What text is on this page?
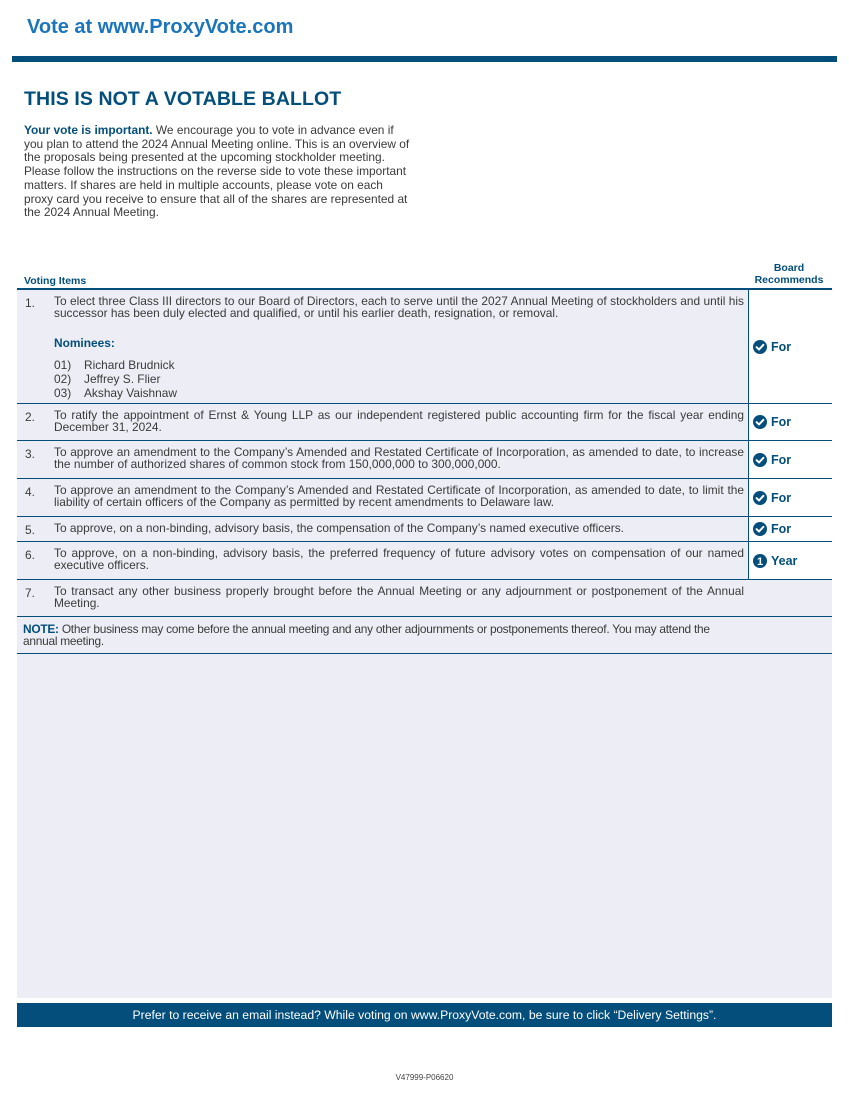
Vote at www.ProxyVote.com
THIS IS NOT A VOTABLE BALLOT

Your vote is important. We encourage you to vote in advance even if you plan to attend the 2024 Annual Meeting online. This is an overview of the proposals being presented at the upcoming stockholder meeting. Please follow the instructions on the reverse side to vote these important matters. If shares are held in multiple accounts, please vote on each proxy card you receive to ensure that all of the shares are represented at the 2024 Annual Meeting.

Voting Items
Board
Recommends
1. To elect three Class III directors to our Board of Directors, each to serve until the 2027 Annual Meeting of stockholders and until his successor has been duly elected and qualified, or until his earlier death, resignation, or removal.
Nominees:
01) Richard Brudnick
02) Jeffrey S. Flier
03) Akshay Vaishnaw
For
2. To ratify the appointment of Ernst & Young LLP as our independent registered public accounting firm for the fiscal year ending December 31, 2024.	For
3. To approve an amendment to the Company’s Amended and Restated Certificate of Incorporation, as amended to date, to increase the number of authorized shares of common stock from 150,000,000 to 300,000,000.	For
4. To approve an amendment to the Company’s Amended and Restated Certificate of Incorporation, as amended to date, to limit the liability of certain officers of the Company as permitted by recent amendments to Delaware law.	For
5. To approve, on a non-binding, advisory basis, the compensation of the Company’s named executive officers.	For
6. To approve, on a non-binding, advisory basis, the preferred frequency of future advisory votes on compensation of our named executive officers.	1 Year
7. To transact any other business properly brought before the Annual Meeting or any adjournment or postponement of the Annual Meeting.
NOTE: Other business may come before the annual meeting and any other adjournments or postponements thereof. You may attend the annual meeting.
Prefer to receive an email instead? While voting on www.ProxyVote.com, be sure to click “Delivery Settings”.
V47999-P06620
